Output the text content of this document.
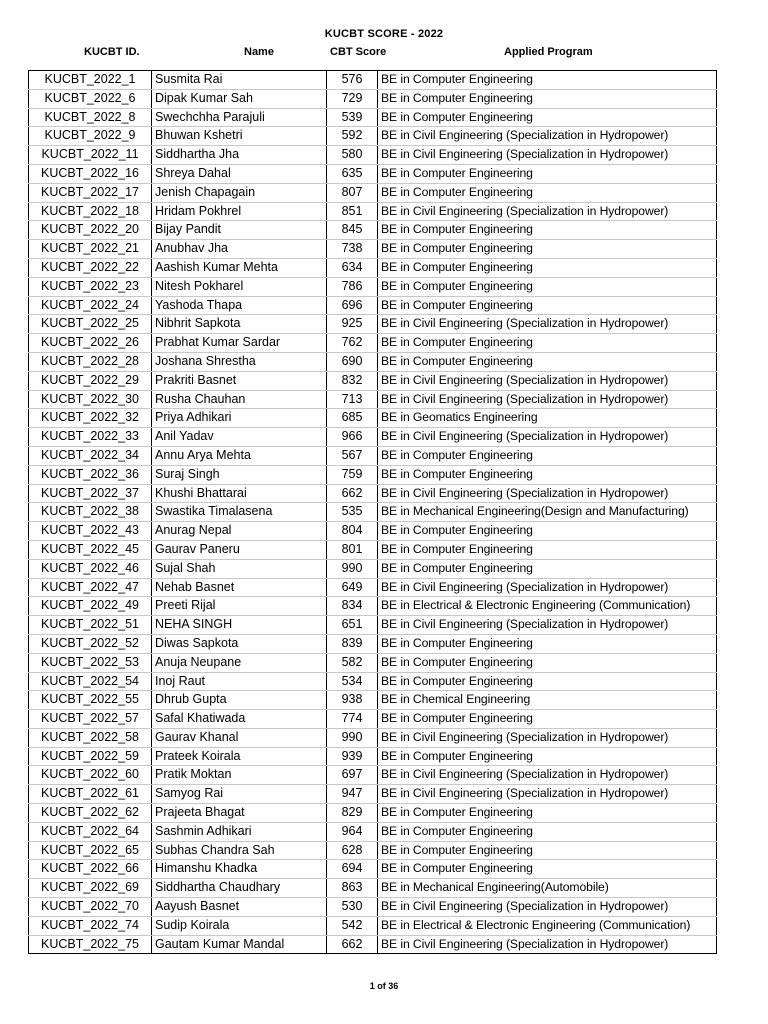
KUCBT SCORE - 2022
KUCBT ID.	Name	CBT Score	Applied Program
KUCBT_2022_1	Susmita Rai	576	BE in Computer Engineering
KUCBT_2022_6	Dipak Kumar Sah	729	BE in Computer Engineering
KUCBT_2022_8	Swechchha Parajuli	539	BE in Computer Engineering
KUCBT_2022_9	Bhuwan Kshetri	592	BE in Civil Engineering (Specialization in Hydropower)
KUCBT_2022_11	Siddhartha Jha	580	BE in Civil Engineering (Specialization in Hydropower)
KUCBT_2022_16	Shreya Dahal	635	BE in Computer Engineering
KUCBT_2022_17	Jenish Chapagain	807	BE in Computer Engineering
KUCBT_2022_18	Hridam Pokhrel	851	BE in Civil Engineering (Specialization in Hydropower)
KUCBT_2022_20	Bijay Pandit	845	BE in Computer Engineering
KUCBT_2022_21	Anubhav Jha	738	BE in Computer Engineering
KUCBT_2022_22	Aashish Kumar Mehta	634	BE in Computer Engineering
KUCBT_2022_23	Nitesh Pokharel	786	BE in Computer Engineering
KUCBT_2022_24	Yashoda Thapa	696	BE in Computer Engineering
KUCBT_2022_25	Nibhrit Sapkota	925	BE in Civil Engineering (Specialization in Hydropower)
KUCBT_2022_26	Prabhat Kumar Sardar	762	BE in Computer Engineering
KUCBT_2022_28	Joshana Shrestha	690	BE in Computer Engineering
KUCBT_2022_29	Prakriti Basnet	832	BE in Civil Engineering (Specialization in Hydropower)
KUCBT_2022_30	Rusha Chauhan	713	BE in Civil Engineering (Specialization in Hydropower)
KUCBT_2022_32	Priya Adhikari	685	BE in Geomatics Engineering
KUCBT_2022_33	Anil Yadav	966	BE in Civil Engineering (Specialization in Hydropower)
KUCBT_2022_34	Annu Arya Mehta	567	BE in Computer Engineering
KUCBT_2022_36	Suraj Singh	759	BE in Computer Engineering
KUCBT_2022_37	Khushi Bhattarai	662	BE in Civil Engineering (Specialization in Hydropower)
KUCBT_2022_38	Swastika Timalasena	535	BE in Mechanical Engineering(Design and Manufacturing)
KUCBT_2022_43	Anurag Nepal	804	BE in Computer Engineering
KUCBT_2022_45	Gaurav Paneru	801	BE in Computer Engineering
KUCBT_2022_46	Sujal Shah	990	BE in Computer Engineering
KUCBT_2022_47	Nehab Basnet	649	BE in Civil Engineering (Specialization in Hydropower)
KUCBT_2022_49	Preeti Rijal	834	BE in Electrical & Electronic Engineering (Communication)
KUCBT_2022_51	NEHA SINGH	651	BE in Civil Engineering (Specialization in Hydropower)
KUCBT_2022_52	Diwas Sapkota	839	BE in Computer Engineering
KUCBT_2022_53	Anuja Neupane	582	BE in Computer Engineering
KUCBT_2022_54	Inoj Raut	534	BE in Computer Engineering
KUCBT_2022_55	Dhrub Gupta	938	BE in Chemical Engineering
KUCBT_2022_57	Safal Khatiwada	774	BE in Computer Engineering
KUCBT_2022_58	Gaurav Khanal	990	BE in Civil Engineering (Specialization in Hydropower)
KUCBT_2022_59	Prateek Koirala	939	BE in Computer Engineering
KUCBT_2022_60	Pratik Moktan	697	BE in Civil Engineering (Specialization in Hydropower)
KUCBT_2022_61	Samyog Rai	947	BE in Civil Engineering (Specialization in Hydropower)
KUCBT_2022_62	Prajeeta Bhagat	829	BE in Computer Engineering
KUCBT_2022_64	Sashmin Adhikari	964	BE in Computer Engineering
KUCBT_2022_65	Subhas Chandra Sah	628	BE in Computer Engineering
KUCBT_2022_66	Himanshu Khadka	694	BE in Computer Engineering
KUCBT_2022_69	Siddhartha Chaudhary	863	BE in Mechanical Engineering(Automobile)
KUCBT_2022_70	Aayush Basnet	530	BE in Civil Engineering (Specialization in Hydropower)
KUCBT_2022_74	Sudip Koirala	542	BE in Electrical & Electronic Engineering (Communication)
KUCBT_2022_75	Gautam Kumar Mandal	662	BE in Civil Engineering (Specialization in Hydropower)
1 of 36
